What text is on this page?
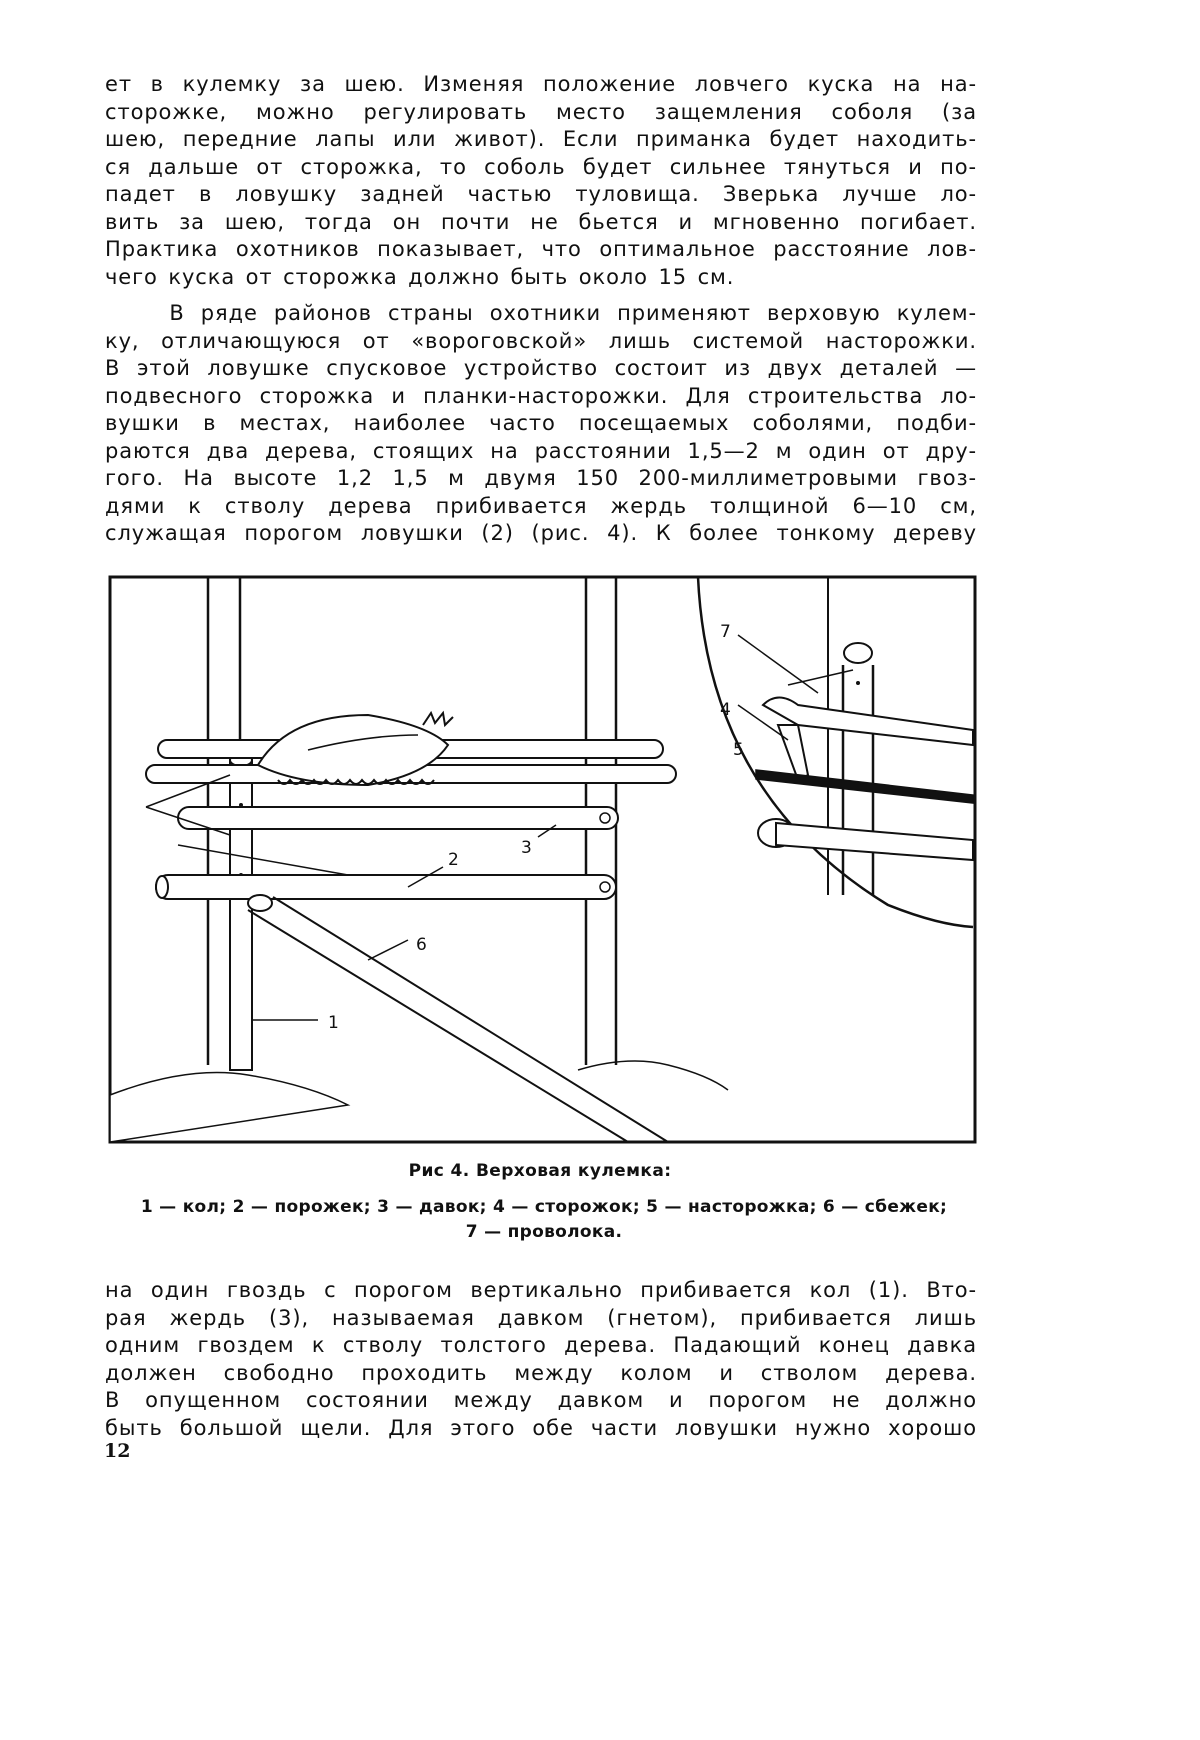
ет в кулемку за шею. Изменяя положение ловчего куска на на-
сторожке, можно регулировать место защемления соболя (за
шею, передние лапы или живот). Если приманка будет находить-
ся дальше от сторожка, то соболь будет сильнее тянуться и по-
падет в ловушку задней частью туловища. Зверька лучше ло-
вить за шею, тогда он почти не бьется и мгновенно погибает.
Практика охотников показывает, что оптимальное расстояние лов-
чего куска от сторожка должно быть около 15 см.
В ряде районов страны охотники применяют верховую кулем-
ку, отличающуюся от «вороговской» лишь системой насторожки.
В этой ловушке спусковое устройство состоит из двух деталей —
подвесного сторожка и планки-насторожки. Для строительства ло-
вушки в местах, наиболее часто посещаемых соболями, подби-
раются два дерева, стоящих на расстоянии 1,5—2 м один от дру-
гого. На высоте 1,2 1,5 м двумя 150 200-миллиметровыми гвоз-
дями к стволу дерева прибивается жердь толщиной 6—10 см,
служащая порогом ловушки (2) (рис. 4). К более тонкому дереву
1
2
3
4
5
6
7
Рис 4. Верховая кулемка:
1 — кол; 2 — порожек; 3 — давок; 4 — сторожок; 5 — насторожка; 6 — сбежек;
7 — проволока.
на один гвоздь с порогом вертикально прибивается кол (1). Вто-
рая жердь (3), называемая давком (гнетом), прибивается лишь
одним гвоздем к стволу толстого дерева. Падающий конец давка
должен свободно проходить между колом и стволом дерева.
В опущенном состоянии между давком и порогом не должно
быть большой щели. Для этого обе части ловушки нужно хорошо
12
